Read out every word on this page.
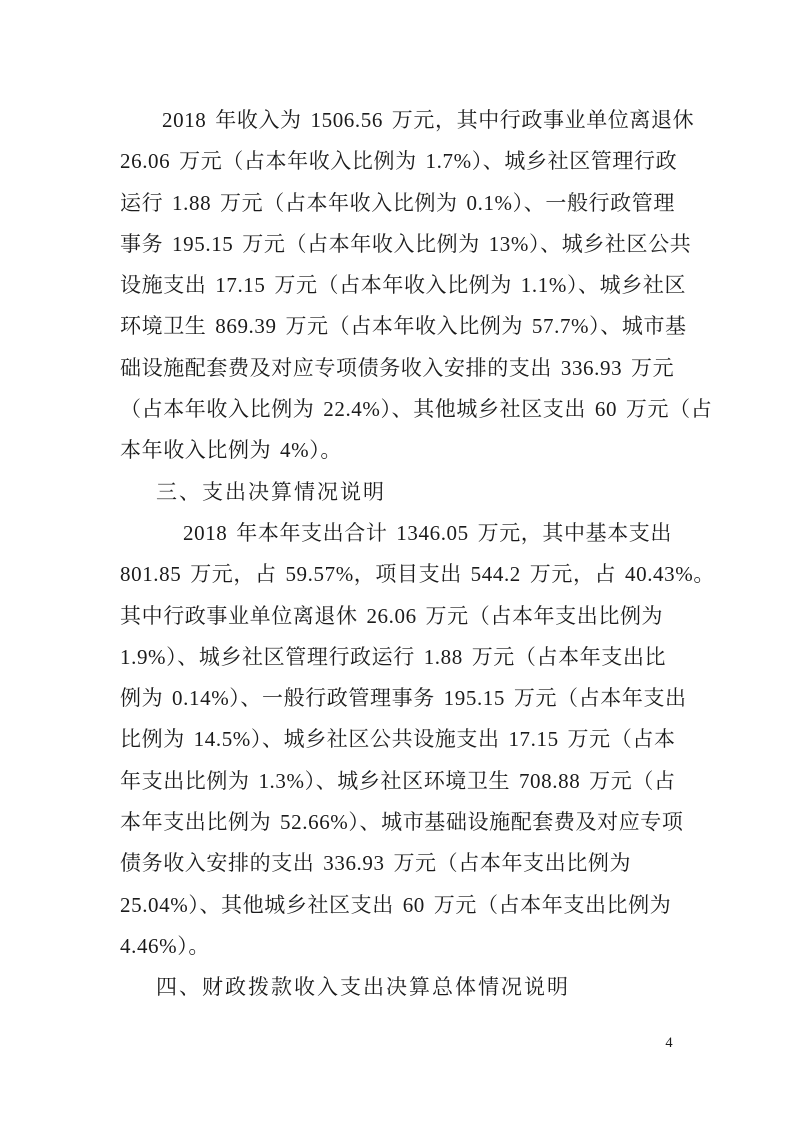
2018 年收入为 1506.56 万元，其中行政事业单位离退休
26.06 万元（占本年收入比例为 1.7%）、城乡社区管理行政
运行 1.88 万元（占本年收入比例为 0.1%）、一般行政管理
事务 195.15 万元（占本年收入比例为 13%）、城乡社区公共
设施支出 17.15 万元（占本年收入比例为 1.1%）、城乡社区
环境卫生 869.39 万元（占本年收入比例为 57.7%）、城市基
础设施配套费及对应专项债务收入安排的支出 336.93 万元
（占本年收入比例为 22.4%）、其他城乡社区支出 60 万元（占
本年收入比例为 4%）。
三、支出决算情况说明
2018 年本年支出合计 1346.05 万元，其中基本支出
801.85 万元，占 59.57%，项目支出 544.2 万元，占 40.43%。
其中行政事业单位离退休 26.06 万元（占本年支出比例为
1.9%）、城乡社区管理行政运行 1.88 万元（占本年支出比
例为 0.14%）、一般行政管理事务 195.15 万元（占本年支出
比例为 14.5%）、城乡社区公共设施支出 17.15 万元（占本
年支出比例为 1.3%）、城乡社区环境卫生 708.88 万元（占
本年支出比例为 52.66%）、城市基础设施配套费及对应专项
债务收入安排的支出 336.93 万元（占本年支出比例为
25.04%）、其他城乡社区支出 60 万元（占本年支出比例为
4.46%）。
四、财政拨款收入支出决算总体情况说明
4
